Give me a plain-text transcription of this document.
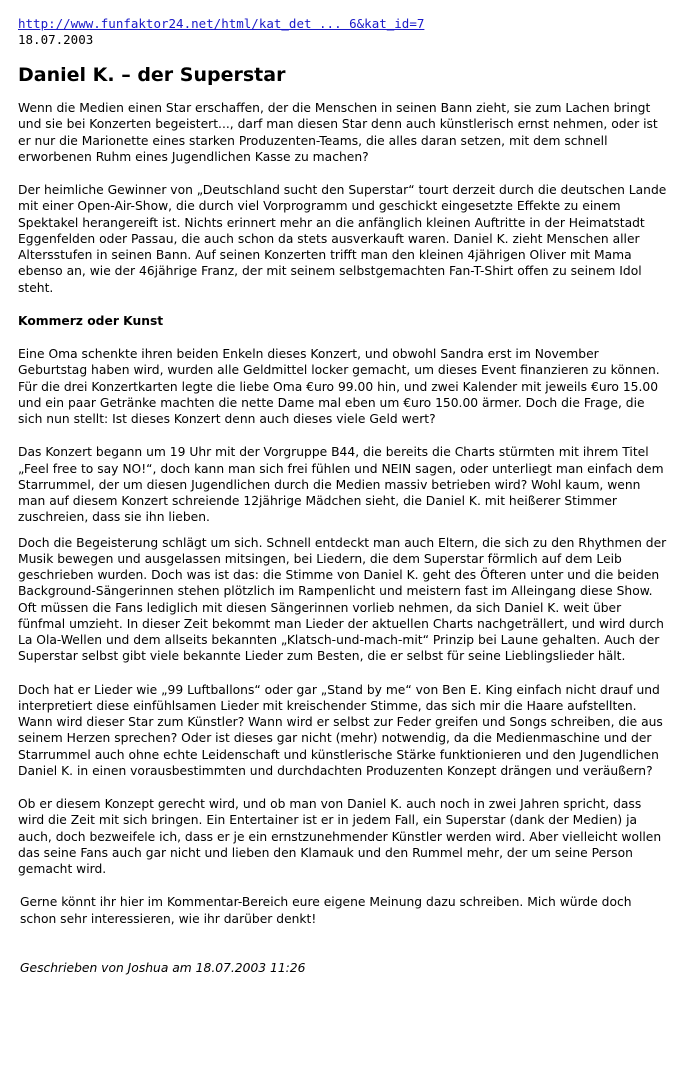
http://www.funfaktor24.net/html/kat_det ... 6&kat_id=7
18.07.2003
Daniel K. – der Superstar

Wenn die Medien einen Star erschaffen, der die Menschen in seinen Bann zieht, sie zum Lachen bringt und sie bei Konzerten begeistert..., darf man diesen Star denn auch künstlerisch ernst nehmen, oder ist er nur die Marionette eines starken Produzenten-Teams, die alles daran setzen, mit dem schnell erworbenen Ruhm eines Jugendlichen Kasse zu machen?

Der heimliche Gewinner von „Deutschland sucht den Superstar“ tourt derzeit durch die deutschen Lande mit einer Open-Air-Show, die durch viel Vorprogramm und geschickt eingesetzte Effekte zu einem Spektakel herangereift ist. Nichts erinnert mehr an die anfänglich kleinen Auftritte in der Heimatstadt Eggenfelden oder Passau, die auch schon da stets ausverkauft waren. Daniel K. zieht Menschen aller Altersstufen in seinen Bann. Auf seinen Konzerten trifft man den kleinen 4jährigen Oliver mit Mama ebenso an, wie der 46jährige Franz, der mit seinem selbstgemachten Fan-T-Shirt offen zu seinem Idol steht.

Kommerz oder Kunst

Eine Oma schenkte ihren beiden Enkeln dieses Konzert, und obwohl Sandra erst im November Geburtstag haben wird, wurden alle Geldmittel locker gemacht, um dieses Event finanzieren zu können. Für die drei Konzertkarten legte die liebe Oma €uro 99.00 hin, und zwei Kalender mit jeweils €uro 15.00 und ein paar Getränke machten die nette Dame mal eben um €uro 150.00 ärmer. Doch die Frage, die sich nun stellt: Ist dieses Konzert denn auch dieses viele Geld wert?

Das Konzert begann um 19 Uhr mit der Vorgruppe B44, die bereits die Charts stürmten mit ihrem Titel „Feel free to say NO!“, doch kann man sich frei fühlen und NEIN sagen, oder unterliegt man einfach dem Starrummel, der um diesen Jugendlichen durch die Medien massiv betrieben wird? Wohl kaum, wenn man auf diesem Konzert schreiende 12jährige Mädchen sieht, die Daniel K. mit heißerer Stimmer zuschreien, dass sie ihn lieben.

Doch die Begeisterung schlägt um sich. Schnell entdeckt man auch Eltern, die sich zu den Rhythmen der Musik bewegen und ausgelassen mitsingen, bei Liedern, die dem Superstar förmlich auf dem Leib geschrieben wurden. Doch was ist das: die Stimme von Daniel K. geht des Öfteren unter und die beiden Background-Sängerinnen stehen plötzlich im Rampenlicht und meistern fast im Alleingang diese Show. Oft müssen die Fans lediglich mit diesen Sängerinnen vorlieb nehmen, da sich Daniel K. weit über fünfmal umzieht. In dieser Zeit bekommt man Lieder der aktuellen Charts nachgeträllert, und wird durch La Ola-Wellen und dem allseits bekannten „Klatsch-und-mach-mit“ Prinzip bei Laune gehalten. Auch der Superstar selbst gibt viele bekannte Lieder zum Besten, die er selbst für seine Lieblingslieder hält.

Doch hat er Lieder wie „99 Luftballons“ oder gar „Stand by me“ von Ben E. King einfach nicht drauf und interpretiert diese einfühlsamen Lieder mit kreischender Stimme, das sich mir die Haare aufstellten. Wann wird dieser Star zum Künstler? Wann wird er selbst zur Feder greifen und Songs schreiben, die aus seinem Herzen sprechen? Oder ist dieses gar nicht (mehr) notwendig, da die Medienmaschine und der Starrummel auch ohne echte Leidenschaft und künstlerische Stärke funktionieren und den Jugendlichen Daniel K. in einen vorausbestimmten und durchdachten Produzenten Konzept drängen und veräußern?

Ob er diesem Konzept gerecht wird, und ob man von Daniel K. auch noch in zwei Jahren spricht, dass wird die Zeit mit sich bringen. Ein Entertainer ist er in jedem Fall, ein Superstar (dank der Medien) ja auch, doch bezweifele ich, dass er je ein ernstzunehmender Künstler werden wird. Aber vielleicht wollen das seine Fans auch gar nicht und lieben den Klamauk und den Rummel mehr, der um seine Person gemacht wird.

Gerne könnt ihr hier im Kommentar-Bereich eure eigene Meinung dazu schreiben. Mich würde doch schon sehr interessieren, wie ihr darüber denkt!

Geschrieben von Joshua am 18.07.2003 11:26
